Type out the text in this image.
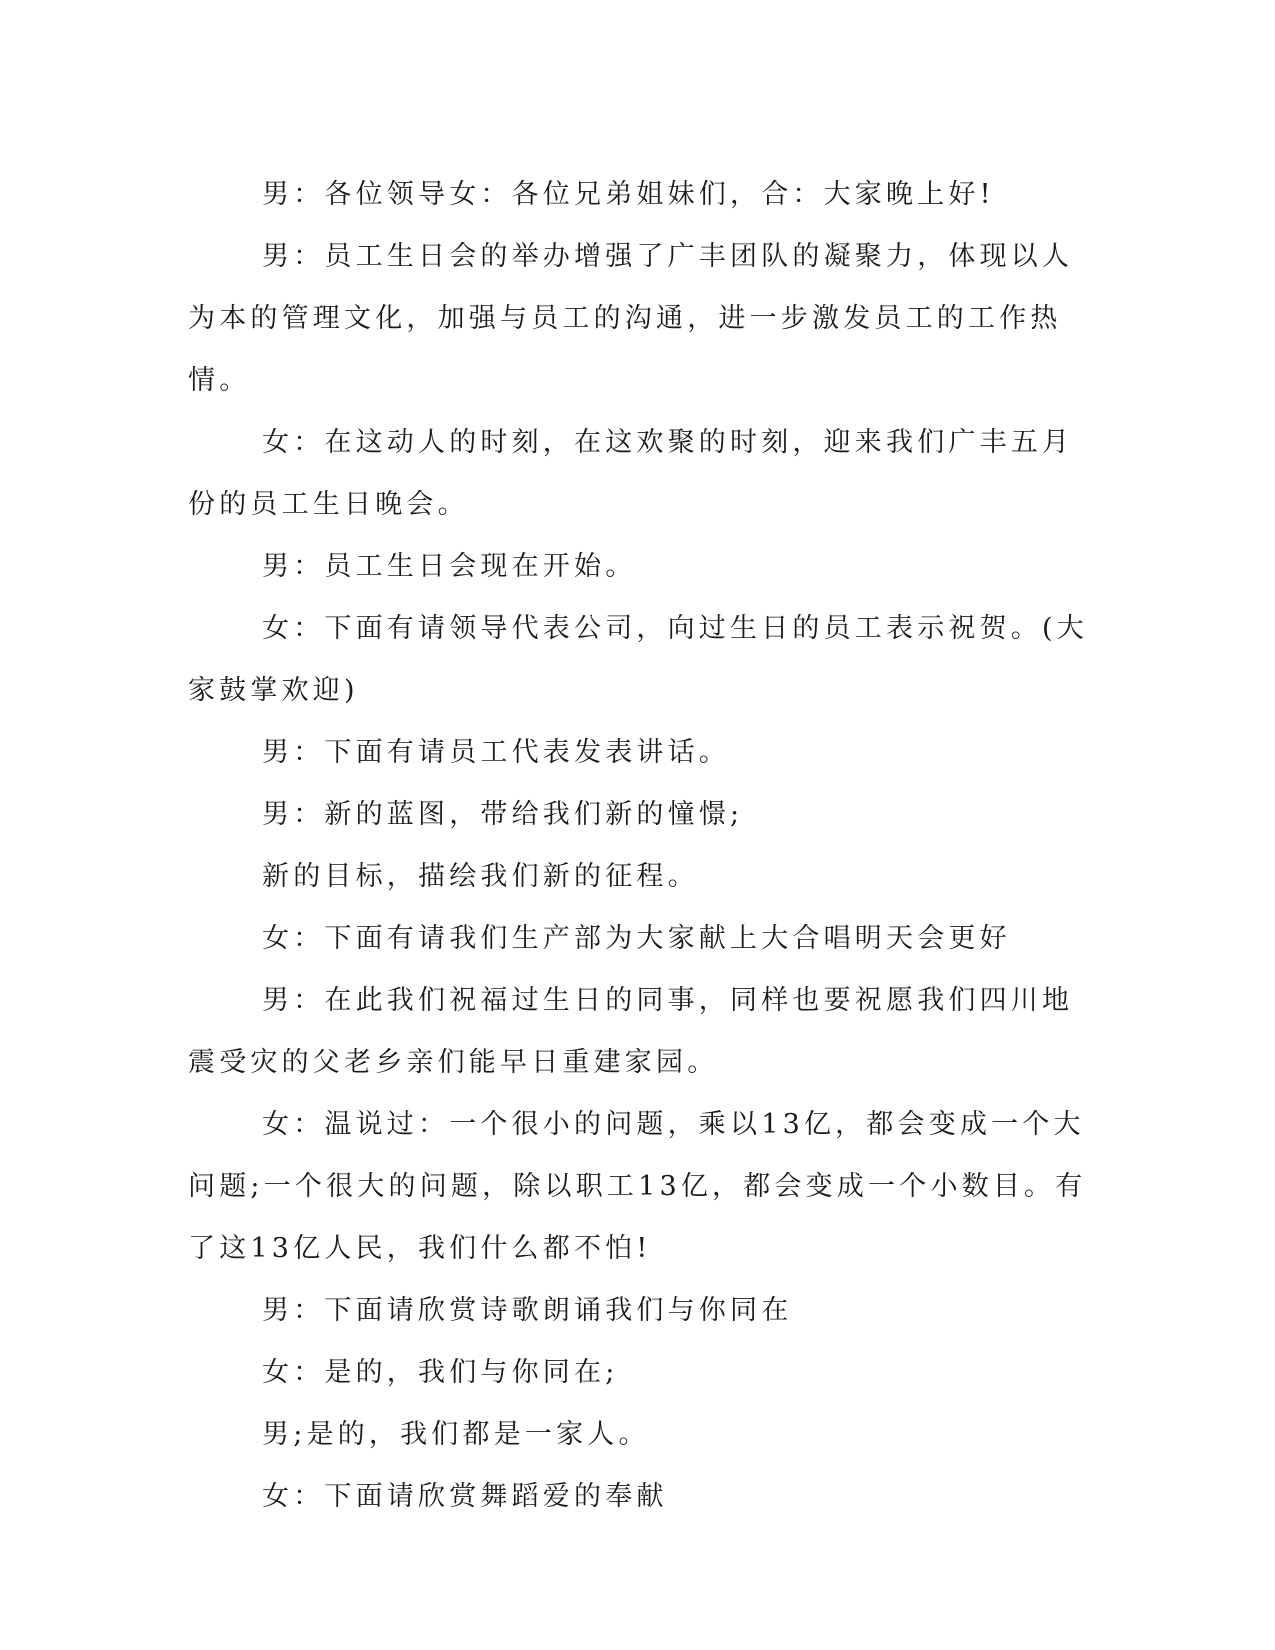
男：各位领导女：各位兄弟姐妹们，合：大家晚上好!

男：员工生日会的举办增强了广丰团队的凝聚力，体现以人为本的管理文化，加强与员工的沟通，进一步激发员工的工作热情。

女：在这动人的时刻，在这欢聚的时刻，迎来我们广丰五月份的员工生日晚会。

男：员工生日会现在开始。

女：下面有请领导代表公司，向过生日的员工表示祝贺。(大家鼓掌欢迎)

男：下面有请员工代表发表讲话。

男：新的蓝图，带给我们新的憧憬;

新的目标，描绘我们新的征程。

女：下面有请我们生产部为大家献上大合唱明天会更好

男：在此我们祝福过生日的同事，同样也要祝愿我们四川地震受灾的父老乡亲们能早日重建家园。

女：温说过：一个很小的问题，乘以13亿，都会变成一个大问题;一个很大的问题，除以职工13亿，都会变成一个小数目。有了这13亿人民，我们什么都不怕!

男：下面请欣赏诗歌朗诵我们与你同在

女：是的，我们与你同在;

男;是的，我们都是一家人。

女：下面请欣赏舞蹈爱的奉献
